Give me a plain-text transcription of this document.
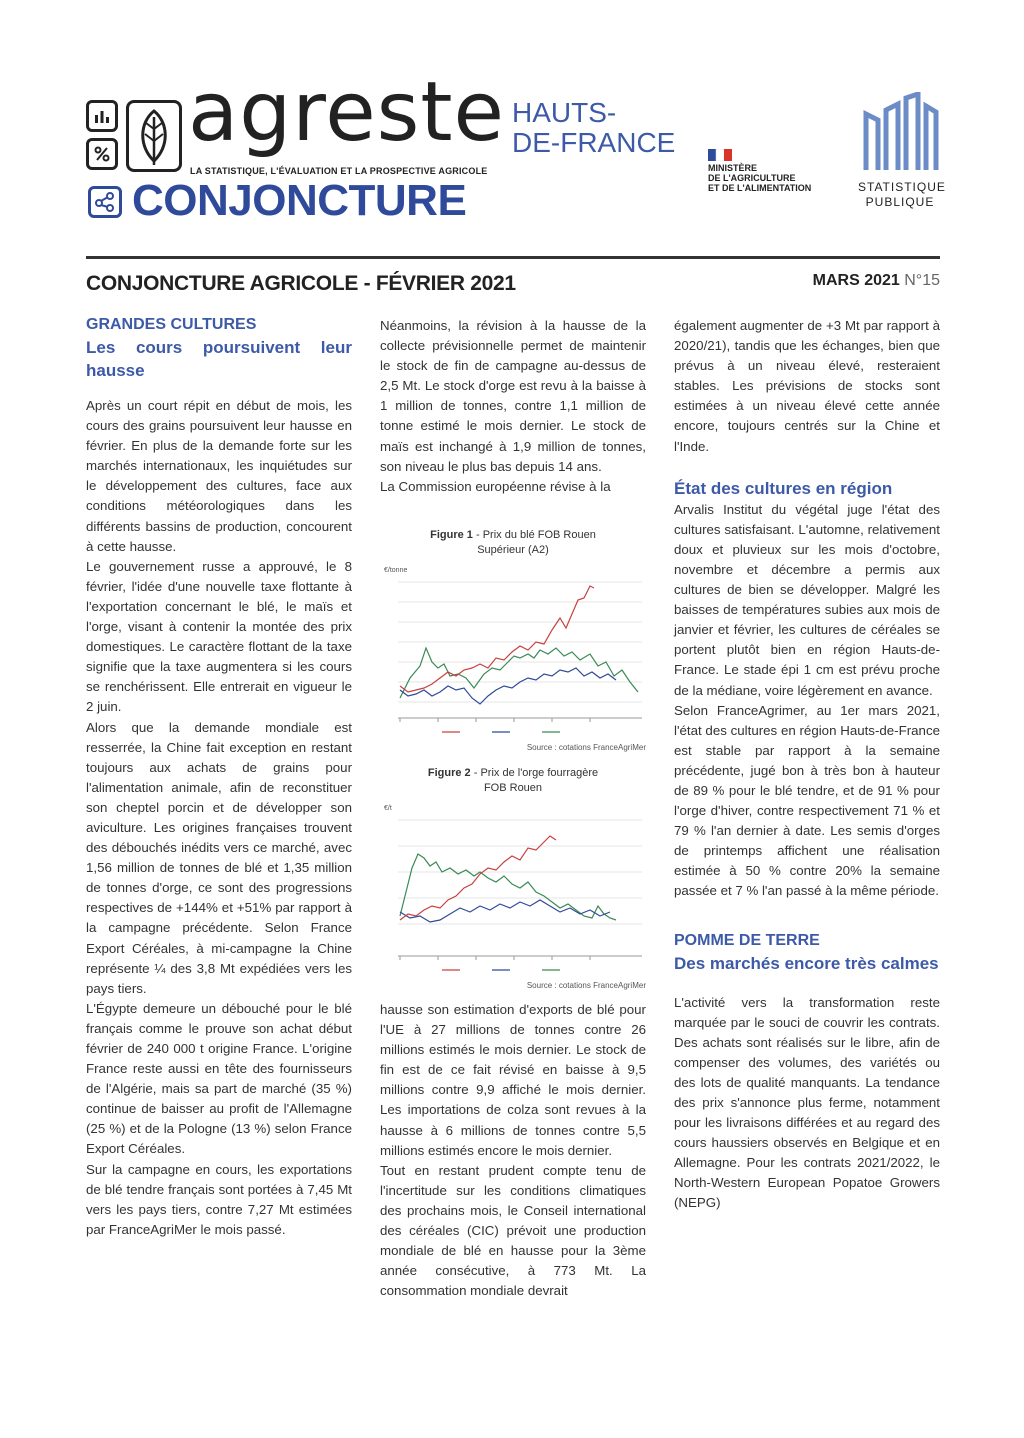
agreste
LA STATISTIQUE, L'ÉVALUATION ET LA PROSPECTIVE AGRICOLE
HAUTS-
DE-FRANCE
CONJONCTURE
MINISTÈRE
DE L'AGRICULTURE
ET DE L'ALIMENTATION	STATISTIQUE
PUBLIQUE
CONJONCTURE AGRICOLE - FÉVRIER 2021	MARS 2021 N°15
GRANDES CULTURES
Les cours poursuivent leur hausse

Après un court répit en début de mois, les cours des grains poursuivent leur hausse en février. En plus de la demande forte sur les marchés internationaux, les inquiétudes sur le développement des cultures, face aux conditions météorologiques dans les différents bassins de production, concourent à cette hausse.

Le gouvernement russe a approuvé, le 8 février, l'idée d'une nouvelle taxe flottante à l'exportation concernant le blé, le maïs et l'orge, visant à contenir la montée des prix domestiques. Le caractère flottant de la taxe signifie que la taxe augmentera si les cours se renchérissent. Elle entrerait en vigueur le 2 juin.

Alors que la demande mondiale est resserrée, la Chine fait exception en restant toujours aux achats de grains pour l'alimentation animale, afin de reconstituer son cheptel porcin et de développer son aviculture. Les origines françaises trouvent des débouchés inédits vers ce marché, avec 1,56 million de tonnes de blé et 1,35 million de tonnes d'orge, ce sont des progressions respectives de +144% et +51% par rapport à la campagne précédente. Selon France Export Céréales, à mi-campagne la Chine représente ¼ des 3,8 Mt expédiées vers les pays tiers.

L'Égypte demeure un débouché pour le blé français comme le prouve son achat début février de 240 000 t origine France. L'origine France reste aussi en tête des fournisseurs de l'Algérie, mais sa part de marché (35 %) continue de baisser au profit de l'Allemagne (25 %) et de la Pologne (13 %) selon France Export Céréales.

Sur la campagne en cours, les exportations de blé tendre français sont portées à 7,45 Mt vers les pays tiers, contre 7,27 Mt estimées par FranceAgriMer le mois passé.

Néanmoins, la révision à la hausse de la collecte prévisionnelle permet de maintenir le stock de fin de campagne au-dessus de 2,5 Mt. Le stock d'orge est revu à la baisse à 1 million de tonnes, contre 1,1 million de tonne estimé le mois dernier. Le stock de maïs est inchangé à 1,9 million de tonnes, son niveau le plus bas depuis 14 ans.

La Commission européenne révise à la

Figure 1 - Prix du blé FOB Rouen
Supérieur (A2)
€/tonne
Source : cotations FranceAgriMer
Figure 2 - Prix de l'orge fourragère
FOB Rouen
€/t
Source : cotations FranceAgriMer

hausse son estimation d'exports de blé pour l'UE à 27 millions de tonnes contre 26 millions estimés le mois dernier. Le stock de fin est de ce fait révisé en baisse à 9,5 millions contre 9,9 affiché le mois dernier. Les importations de colza sont revues à la hausse à 6 millions de tonnes contre 5,5 millions estimés encore le mois dernier.

Tout en restant prudent compte tenu de l'incertitude sur les conditions climatiques des prochains mois, le Conseil international des céréales (CIC) prévoit une production mondiale de blé en hausse pour la 3ème année consécutive, à 773 Mt. La consommation mondiale devrait

également augmenter de +3 Mt par rapport à 2020/21), tandis que les échanges, bien que prévus à un niveau élevé, resteraient stables. Les prévisions de stocks sont estimées à un niveau élevé cette année encore, toujours centrés sur la Chine et l'Inde.

État des cultures en région

Arvalis Institut du végétal juge l'état des cultures satisfaisant. L'automne, relativement doux et pluvieux sur les mois d'octobre, novembre et décembre a permis aux cultures de bien se développer. Malgré les baisses de températures subies aux mois de janvier et février, les cultures de céréales se portent plutôt bien en région Hauts-de-France. Le stade épi 1 cm est prévu proche de la médiane, voire légèrement en avance.

Selon FranceAgrimer, au 1er mars 2021, l'état des cultures en région Hauts-de-France est stable par rapport à la semaine précédente, jugé bon à très bon à hauteur de 89 % pour le blé tendre, et de 91 % pour l'orge d'hiver, contre respectivement 71 % et 79 % l'an dernier à date. Les semis d'orges de printemps affichent une réalisation estimée à 50 % contre 20% la semaine passée et 7 % l'an passé à la même période.

POMME DE TERRE
Des marchés encore très calmes

L'activité vers la transformation reste marquée par le souci de couvrir les contrats. Des achats sont réalisés sur le libre, afin de compenser des volumes, des variétés ou des lots de qualité manquants. La tendance des prix s'annonce plus ferme, notamment pour les livraisons différées et au regard des cours haussiers observés en Belgique et en Allemagne. Pour les contrats 2021/2022, le North-Western European Popatoe Growers (NEPG)
